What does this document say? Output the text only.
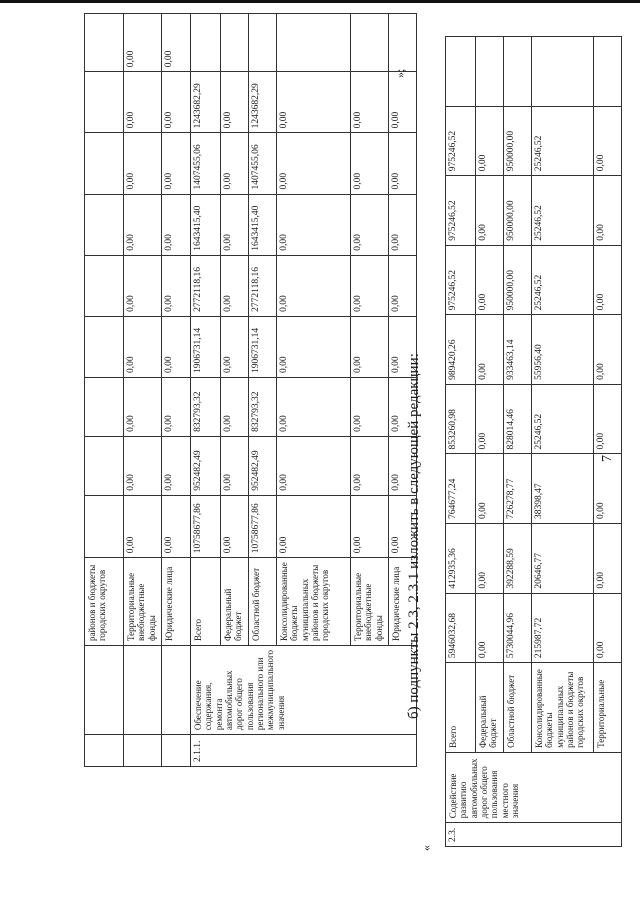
7
		районов и бюджеты городских округов									
		Территориальные внебюджетные фонды	0,00	0,00	0,00	0,00	0,00	0,00	0,00	0,00	0,00
		Юридические лица	0,00	0,00	0,00	0,00	0,00	0,00	0,00	0,00	0,00
2.1.1.	Обеспечение содержания, ремонта автомобильных дорог общего пользования регионального или межмуниципального значения	Всего	10758677,86	952482,49	832793,32	1906731,14	2772118,16	1643415,40	1407455,06	1243682,29	
		Федеральный бюджет	0,00	0,00	0,00	0,00	0,00	0,00	0,00	0,00	
		Областной бюджет	10758677,86	952482,49	832793,32	1906731,14	2772118,16	1643415,40	1407455,06	1243682,29	
		Консолидированные бюджеты муниципальных районов и бюджеты городских округов	0,00	0,00	0,00	0,00	0,00	0,00	0,00	0,00	
		Территориальные внебюджетные фонды	0,00	0,00	0,00	0,00	0,00	0,00	0,00	0,00	
		Юридические лица	0,00	0,00	0,00	0,00	0,00	0,00	0,00	0,00	
»;
б) подпункты 2.3, 2.3.1 изложить в следующей редакции:
«
2.3.	Содействие развитию автомобильных дорог общего пользования местного значения	Всего	5946032,68	412935,36	764677,24	853260,98	989420,26	975246,52	975246,52	975246,52	
		Федеральный бюджет	0,00	0,00	0,00	0,00	0,00	0,00	0,00	0,00	
		Областной бюджет	5730044,96	392288,59	726278,77	828014,46	933463,14	950000,00	950000,00	950000,00	
		Консолидированные бюджеты муниципальных районов и бюджеты городских округов	215987,72	20646,77	38398,47	25246,52	55956,40	25246,52	25246,52	25246,52	
		Территориальные	0,00	0,00	0,00	0,00	0,00	0,00	0,00	0,00	
